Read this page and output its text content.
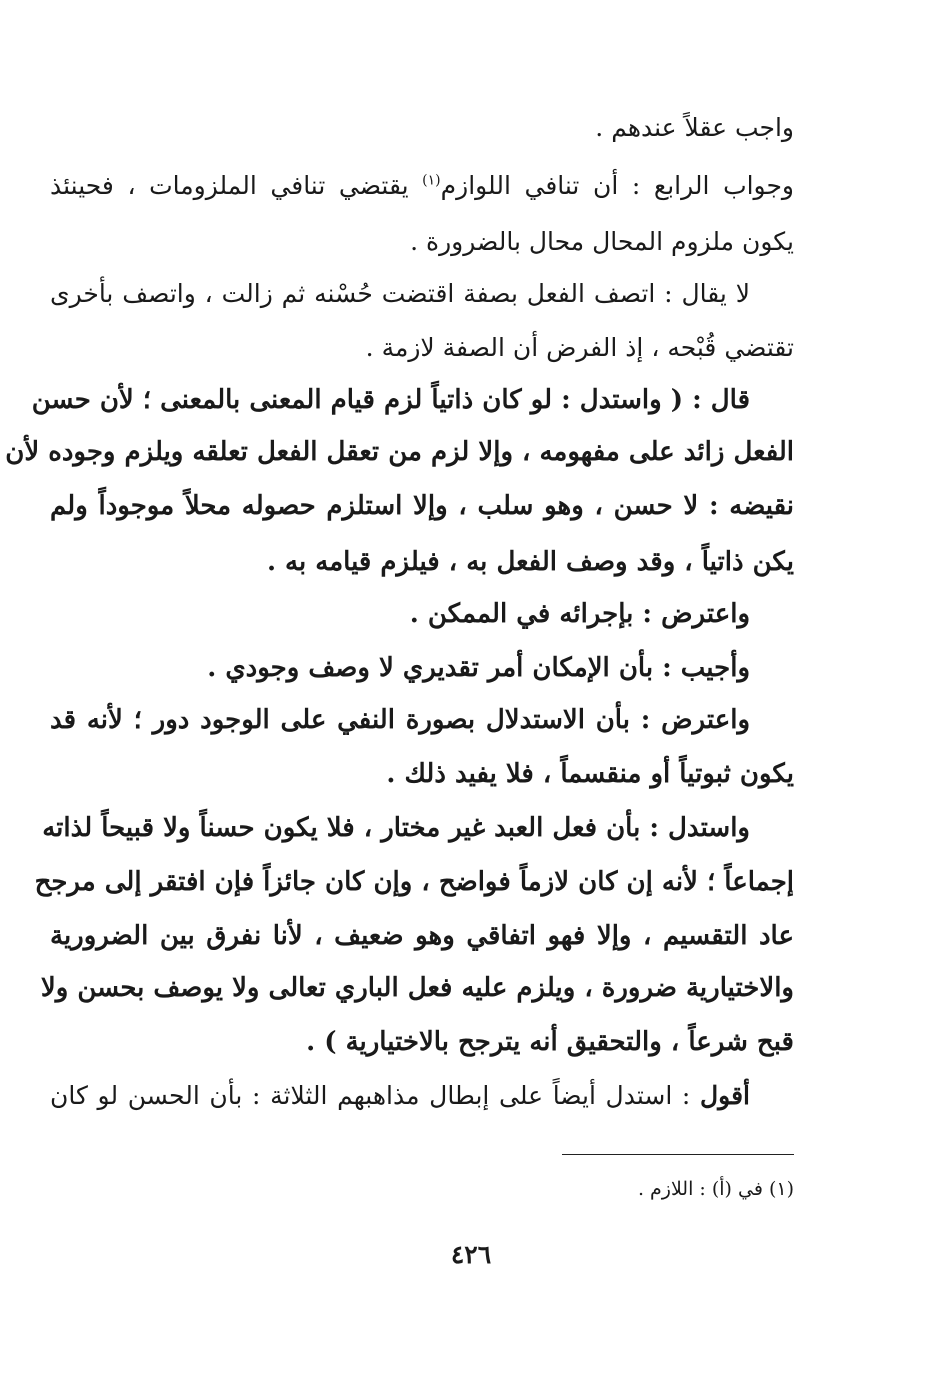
واجب عقلاً عندهم .
وجواب الرابع : أن تنافي اللوازم$^{(١)}$ يقتضي تنافي الملزومات ، فحينئذ
يكون ملزوم المحال محال بالضرورة .
لا يقال : اتصف الفعل بصفة اقتضت حُسْنه ثم زالت ، واتصف بأخرى
تقتضي قُبْحه ، إذ الفرض أن الصفة لازمة .
قال : ( واستدل : لو كان ذاتياً لزم قيام المعنى بالمعنى ؛ لأن حسن
الفعل زائد على مفهومه ، وإلا لزم من تعقل الفعل تعلقه ويلزم وجوده لأن
نقيضه : لا حسن ، وهو سلب ، وإلا استلزم حصوله محلاً موجوداً ولم
يكن ذاتياً ، وقد وصف الفعل به ، فيلزم قيامه به .
واعترض : بإجرائه في الممكن .
وأجيب : بأن الإمكان أمر تقديري لا وصف وجودي .
واعترض : بأن الاستدلال بصورة النفي على الوجود دور ؛ لأنه قد
يكون ثبوتياً أو منقسماً ، فلا يفيد ذلك .
واستدل : بأن فعل العبد غير مختار ، فلا يكون حسناً ولا قبيحاً لذاته
إجماعاً ؛ لأنه إن كان لازماً فواضح ، وإن كان جائزاً فإن افتقر إلى مرجح
عاد التقسيم ، وإلا فهو اتفاقي وهو ضعيف ، لأنا نفرق بين الضرورية
والاختيارية ضرورة ، ويلزم عليه فعل الباري تعالى ولا يوصف بحسن ولا
قبح شرعاً ، والتحقيق أنه يترجح بالاختيارية ) .
أقول : استدل أيضاً على إبطال مذاهبهم الثلاثة : بأن الحسن لو كان
(١) في (أ) : اللازم .
٤٢٦
